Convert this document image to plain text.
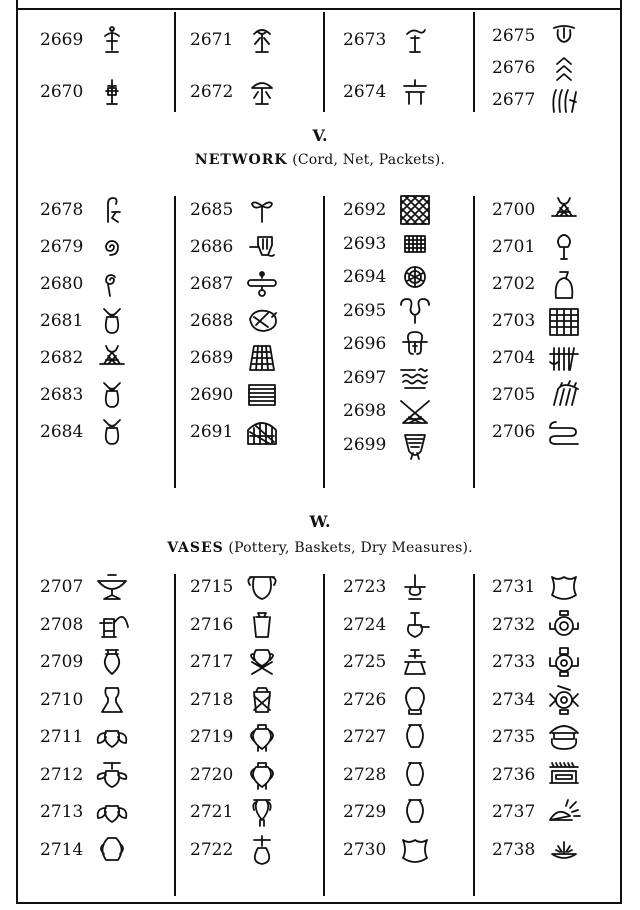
V.
NETWORK (Cord, Net, Packets).
W.
VASES (Pottery, Baskets, Dry Measures).
2669
2670
2671
2672
2673
2674
2675
2676
2677
2678
2679
2680
2681
2682
2683
2684
2685
2686
2687
2688
2689
2690
2691
2692
2693
2694
2695
2696
2697
2698
2699
2700
2701
2702
2703
2704
2705
2706
2707
2708
2709
2710
2711
2712
2713
2714
2715
2716
2717
2718
2719
2720
2721
2722
2723
2724
2725
2726
2727
2728
2729
2730
2731
2732
2733
2734
2735
2736
2737
2738
